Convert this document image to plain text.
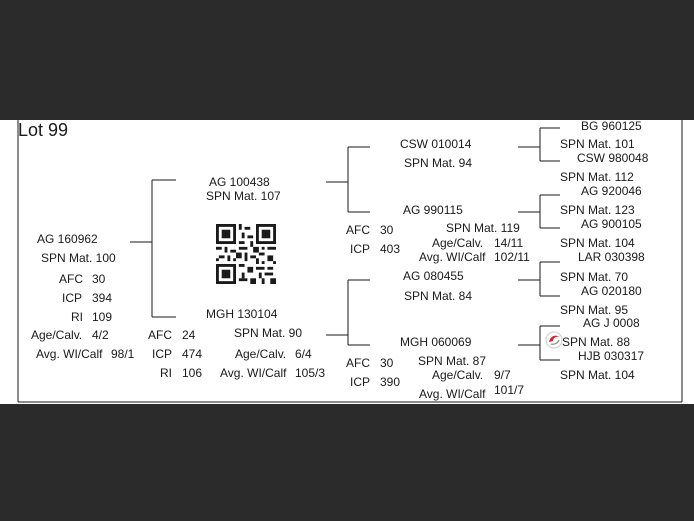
Lot 99
AG 160962
SPN Mat. 100
AFC 30
ICP 394
RI 109
Age/Calv. 4/2
Avg. WI/Calf 98/1
AG 100438
SPN Mat. 107
MGH 130104
SPN Mat. 90
AFC 24
ICP 474
RI 106
Age/Calv. 6/4
Avg. WI/Calf 105/3
CSW 010014
SPN Mat. 94
AG 990115
SPN Mat. 119
AFC 30
ICP 403	Age/Calv. 14/11
Avg. WI/Calf 102/11
AG 080455
SPN Mat. 84
MGH 060069
SPN Mat. 87
AFC 30
ICP 390	Age/Calv. 9/7
Avg. WI/Calf 101/7
BG 960125
SPN Mat. 101
CSW 980048
SPN Mat. 112
AG 920046
SPN Mat. 123
AG 900105
SPN Mat. 104
LAR 030398
SPN Mat. 70
AG 020180
SPN Mat. 95
AG J 0008
SPN Mat. 88
HJB 030317
SPN Mat. 104
